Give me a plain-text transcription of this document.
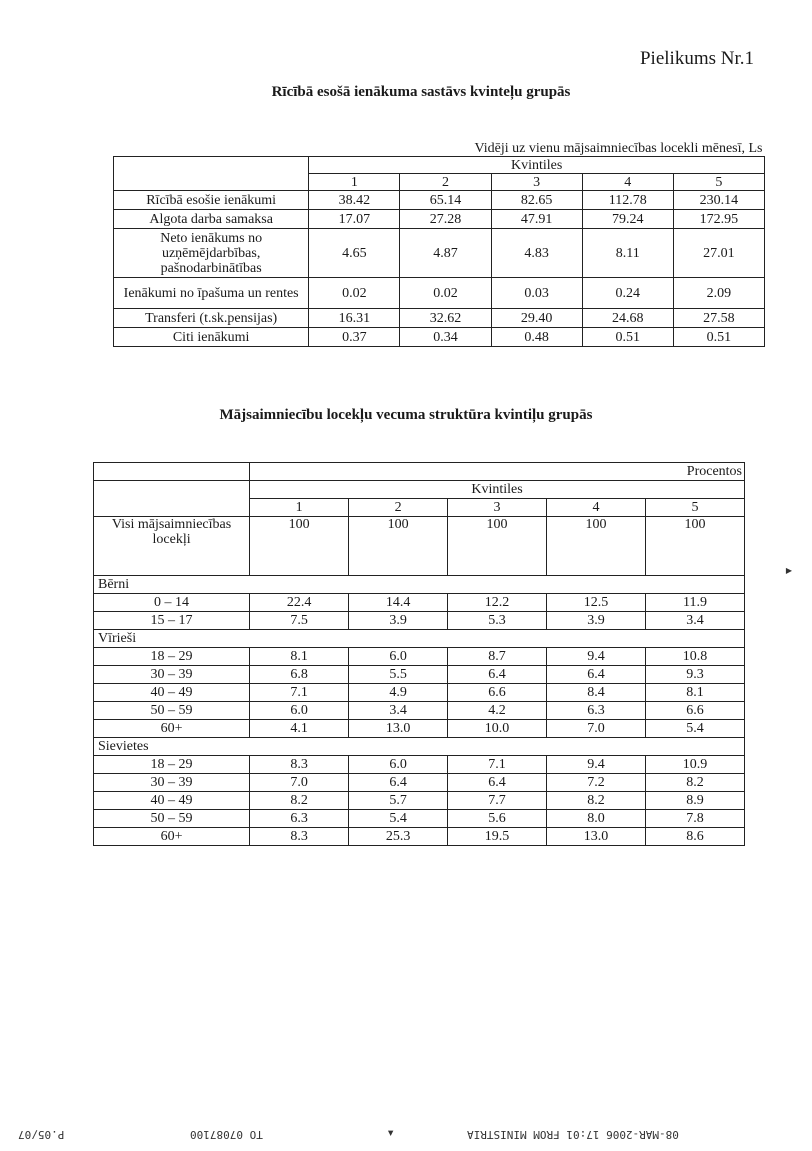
Pielikums Nr.1
Rīcībā esošā ienākuma sastāvs kvinteļu grupās
	Vidēji uz vienu mājsaimniecības locekli mēnesī, Ls				
	Kvintiles				
	1	2	3	4	5
Rīcībā esošie ienākumi	38.42	65.14	82.65	112.78	230.14
Algota darba samaksa	17.07	27.28	47.91	79.24	172.95
Neto ienākums no uzņēmējdarbības, pašnodarbinātības	4.65	4.87	4.83	8.11	27.01
Ienākumi no īpašuma un rentes	0.02	0.02	0.03	0.24	2.09
Transferi (t.sk.pensijas)	16.31	32.62	29.40	24.68	27.58
Citi ienākumi	0.37	0.34	0.48	0.51	0.51
Mājsaimniecību locekļu vecuma struktūra kvintiļu grupās
	Procentos				
	Kvintiles				
	1	2	3	4	5
Visi mājsaimniecības locekļi	100	100	100	100	100
Bērni					
0 – 14	22.4	14.4	12.2	12.5	11.9
15 – 17	7.5	3.9	5.3	3.9	3.4
Vīrieši					
18 – 29	8.1	6.0	8.7	9.4	10.8
30 – 39	6.8	5.5	6.4	6.4	9.3
40 – 49	7.1	4.9	6.6	8.4	8.1
50 – 59	6.0	3.4	4.2	6.3	6.6
60+	4.1	13.0	10.0	7.0	5.4
Sievietes					
18 – 29	8.3	6.0	7.1	9.4	10.9
30 – 39	7.0	6.4	6.4	7.2	8.2
40 – 49	8.2	5.7	7.7	8.2	8.9
50 – 59	6.3	5.4	5.6	8.0	7.8
60+	8.3	25.3	19.5	13.0	8.6
▶
P.05/07	TO 07087100	▲	08-MAR-2006 17:01 FROM MINISTRIA
